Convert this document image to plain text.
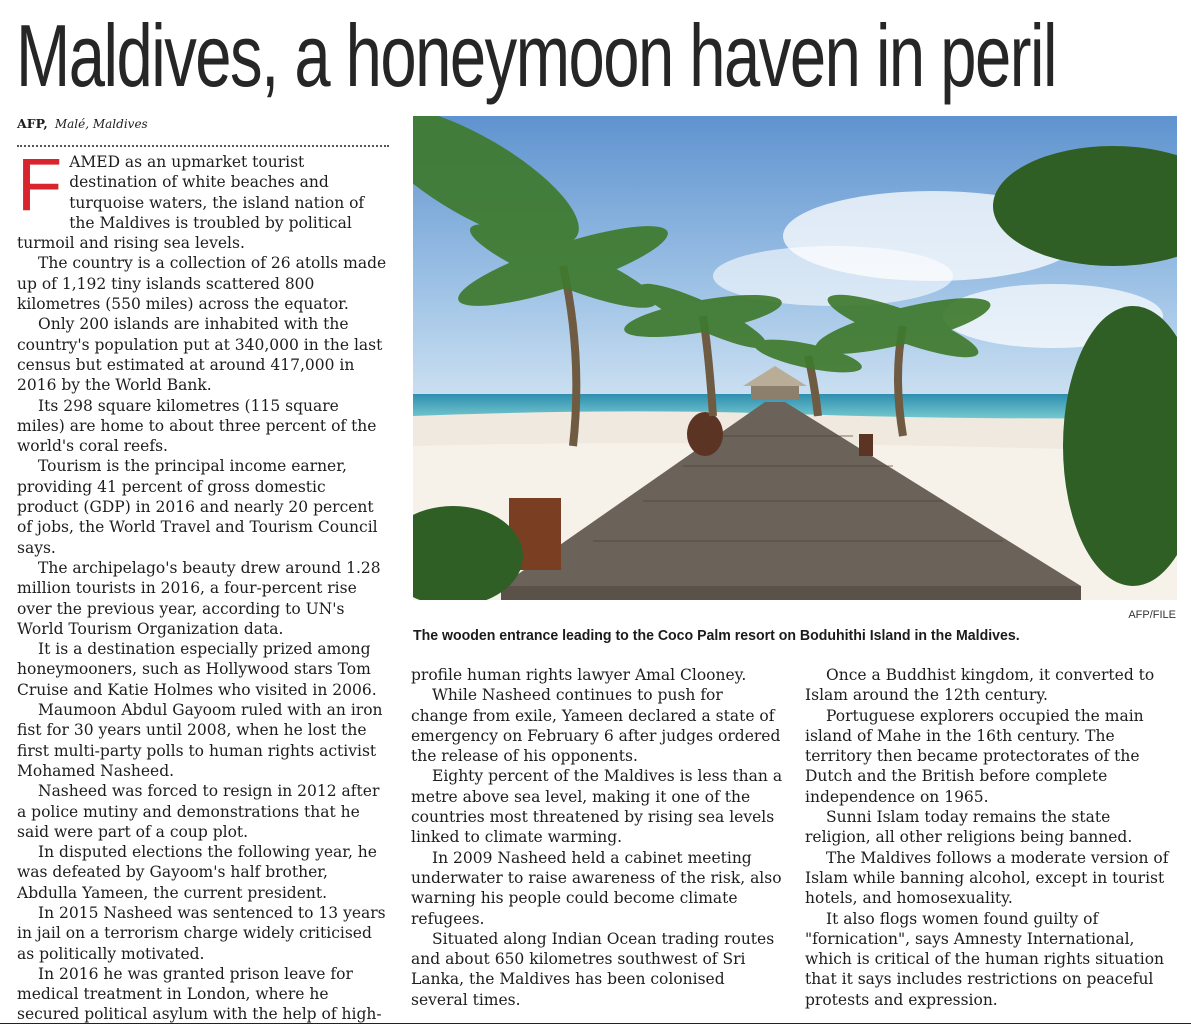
Maldives, a honeymoon haven in peril
AFP, Malé, Maldives

FAMED as an upmarket tourist destination of white beaches and turquoise waters, the island nation of the Maldives is troubled by political turmoil and rising sea levels.

The country is a collection of 26 atolls made up of 1,192 tiny islands scattered 800 kilometres (550 miles) across the equator.

Only 200 islands are inhabited with the country's population put at 340,000 in the last census but estimated at around 417,000 in 2016 by the World Bank.

Its 298 square kilometres (115 square miles) are home to about three percent of the world's coral reefs.

Tourism is the principal income earner, providing 41 percent of gross domestic product (GDP) in 2016 and nearly 20 percent of jobs, the World Travel and Tourism Council says.

The archipelago's beauty drew around 1.28 million tourists in 2016, a four-percent rise over the previous year, according to UN's World Tourism Organization data.

It is a destination especially prized among honeymooners, such as Hollywood stars Tom Cruise and Katie Holmes who visited in 2006.

Maumoon Abdul Gayoom ruled with an iron fist for 30 years until 2008, when he lost the first multi-party polls to human rights activist Mohamed Nasheed.

Nasheed was forced to resign in 2012 after a police mutiny and demonstrations that he said were part of a coup plot.

In disputed elections the following year, he was defeated by Gayoom's half brother, Abdulla Yameen, the current president.

In 2015 Nasheed was sentenced to 13 years in jail on a terrorism charge widely criticised as politically motivated.

In 2016 he was granted prison leave for medical treatment in London, where he secured political asylum with the help of high-

AFP/FILE
The wooden entrance leading to the Coco Palm resort on Boduhithi Island in the Maldives.

profile human rights lawyer Amal Clooney.

While Nasheed continues to push for change from exile, Yameen declared a state of emergency on February 6 after judges ordered the release of his opponents.

Eighty percent of the Maldives is less than a metre above sea level, making it one of the countries most threatened by rising sea levels linked to climate warming.

In 2009 Nasheed held a cabinet meeting underwater to raise awareness of the risk, also warning his people could become climate refugees.

Situated along Indian Ocean trading routes and about 650 kilometres southwest of Sri Lanka, the Maldives has been colonised several times.

Once a Buddhist kingdom, it converted to Islam around the 12th century.

Portuguese explorers occupied the main island of Mahe in the 16th century. The territory then became protectorates of the Dutch and the British before complete independence on 1965.

Sunni Islam today remains the state religion, all other religions being banned.

The Maldives follows a moderate version of Islam while banning alcohol, except in tourist hotels, and homosexuality.

It also flogs women found guilty of "fornication", says Amnesty International, which is critical of the human rights situation that it says includes restrictions on peaceful protests and expression.
